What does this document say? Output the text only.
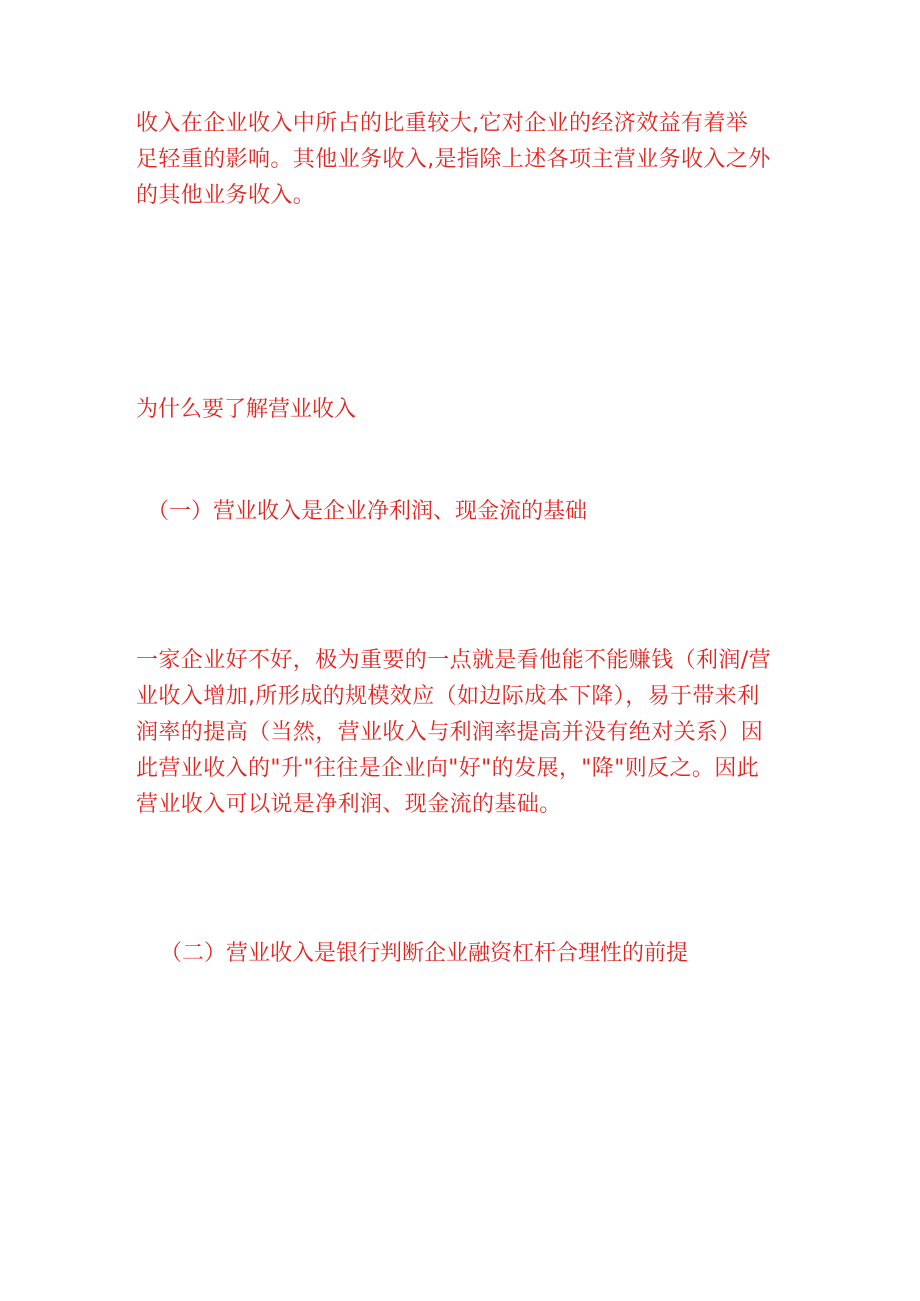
收入在企业收入中所占的比重较大,它对企业的经济效益有着举
足轻重的影响。其他业务收入,是指除上述各项主营业务收入之外
的其他业务收入。

为什么要了解营业收入
（一）营业收入是企业净利润、现金流的基础

一家企业好不好，极为重要的一点就是看他能不能赚钱（利润/营
业收入增加,所形成的规模效应（如边际成本下降），易于带来利
润率的提高（当然，营业收入与利润率提高并没有绝对关系）因
此营业收入的"升"往往是企业向"好"的发展，"降"则反之。因此
营业收入可以说是净利润、现金流的基础。

（二）营业收入是银行判断企业融资杠杆合理性的前提
